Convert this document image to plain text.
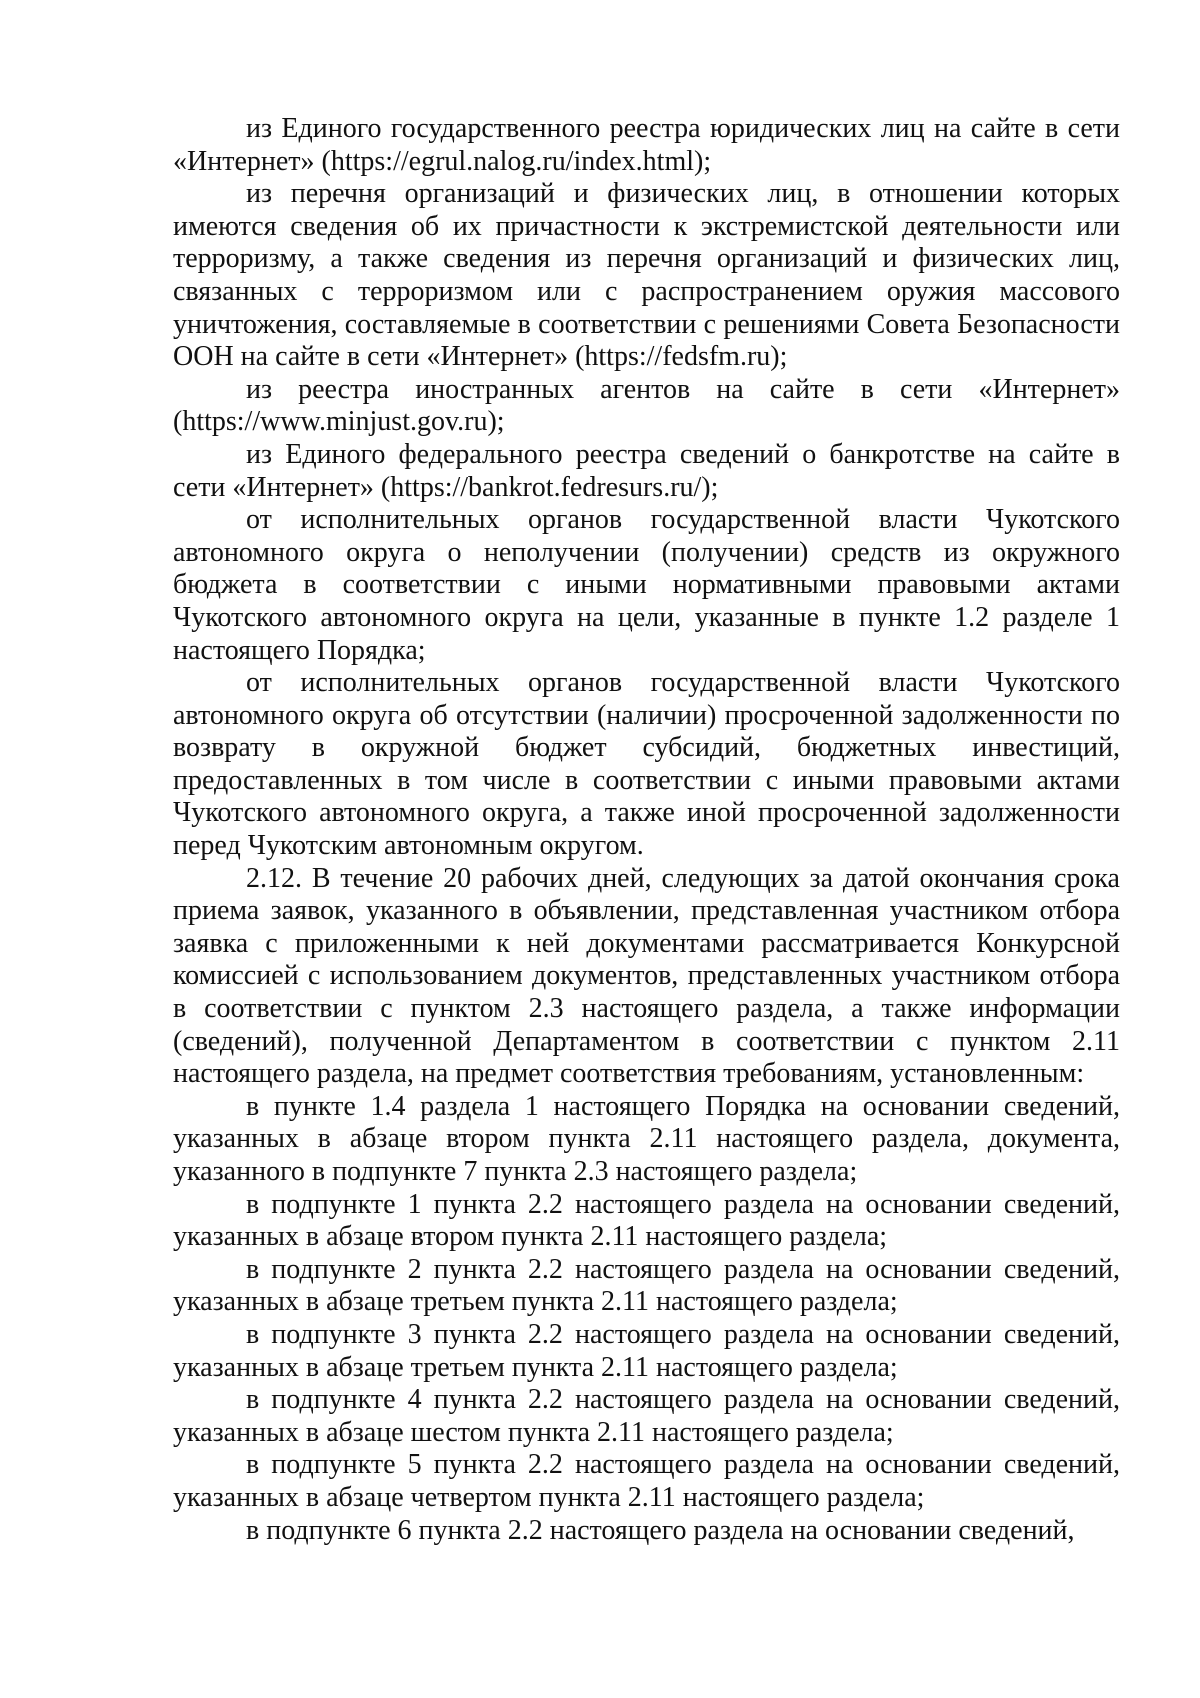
из Единого государственного реестра юридических лиц на сайте в сети «Интернет» (https://egrul.nalog.ru/index.html);

из перечня организаций и физических лиц, в отношении которых имеются сведения об их причастности к экстремистской деятельности или терроризму, а также сведения из перечня организаций и физических лиц, связанных с терроризмом или с распространением оружия массового уничтожения, составляемые в соответствии с решениями Совета Безопасности ООН на сайте в сети «Интернет» (https://fedsfm.ru);

из реестра иностранных агентов на сайте в сети «Интернет» (https://www.minjust.gov.ru);

из Единого федерального реестра сведений о банкротстве на сайте в сети «Интернет» (https://bankrot.fedresurs.ru/);

от исполнительных органов государственной власти Чукотского автономного округа о неполучении (получении) средств из окружного бюджета в соответствии с иными нормативными правовыми актами Чукотского автономного округа на цели, указанные в пункте 1.2 разделе 1 настоящего Порядка;

от исполнительных органов государственной власти Чукотского автономного округа об отсутствии (наличии) просроченной задолженности по возврату в окружной бюджет субсидий, бюджетных инвестиций, предоставленных в том числе в соответствии с иными правовыми актами Чукотского автономного округа, а также иной просроченной задолженности перед Чукотским автономным округом.

2.12. В течение 20 рабочих дней, следующих за датой окончания срока приема заявок, указанного в объявлении, представленная участником отбора заявка с приложенными к ней документами рассматривается Конкурсной комиссией с использованием документов, представленных участником отбора в соответствии с пунктом 2.3 настоящего раздела, а также информации (сведений), полученной Департаментом в соответствии с пунктом 2.11 настоящего раздела, на предмет соответствия требованиям, установленным:

в пункте 1.4 раздела 1 настоящего Порядка на основании сведений, указанных в абзаце втором пункта 2.11 настоящего раздела, документа, указанного в подпункте 7 пункта 2.3 настоящего раздела;

в подпункте 1 пункта 2.2 настоящего раздела на основании сведений, указанных в абзаце втором пункта 2.11 настоящего раздела;

в подпункте 2 пункта 2.2 настоящего раздела на основании сведений, указанных в абзаце третьем пункта 2.11 настоящего раздела;

в подпункте 3 пункта 2.2 настоящего раздела на основании сведений, указанных в абзаце третьем пункта 2.11 настоящего раздела;

в подпункте 4 пункта 2.2 настоящего раздела на основании сведений, указанных в абзаце шестом пункта 2.11 настоящего раздела;

в подпункте 5 пункта 2.2 настоящего раздела на основании сведений, указанных в абзаце четвертом пункта 2.11 настоящего раздела;

в подпункте 6 пункта 2.2 настоящего раздела на основании сведений,
